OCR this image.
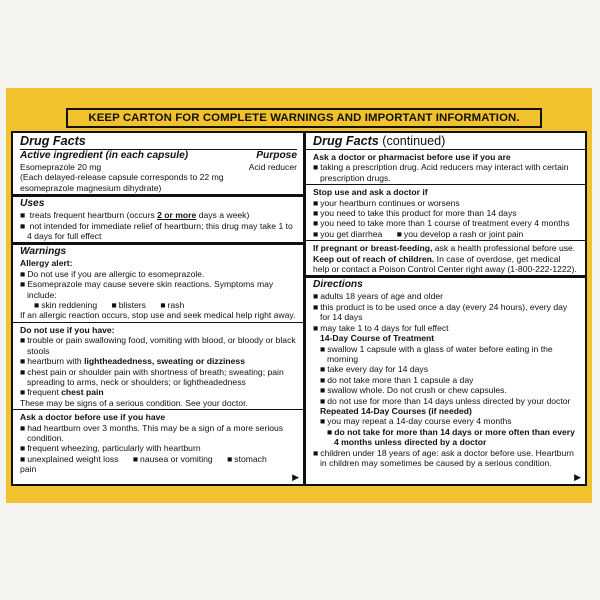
KEEP CARTON FOR COMPLETE WARNINGS AND IMPORTANT INFORMATION.
Drug Facts
Active ingredient (in each capsule)	Purpose
Esomeprazole 20 mg	Acid reducer
(Each delayed-release capsule corresponds to 22 mg esomeprazole magnesium dihydrate)
Uses
■ treats frequent heartburn (occurs 2 or more days a week)
■ not intended for immediate relief of heartburn; this drug may take 1 to 4 days for full effect
Warnings
Allergy alert:
■ Do not use if you are allergic to esomeprazole.
■ Esomeprazole may cause severe skin reactions. Symptoms may include:
■ skin reddening	■ blisters	■ rash
If an allergic reaction occurs, stop use and seek medical help right away.
Do not use if you have:
■ trouble or pain swallowing food, vomiting with blood, or bloody or black stools
■ heartburn with lightheadedness, sweating or dizziness
■ chest pain or shoulder pain with shortness of breath; sweating; pain spreading to arms, neck or shoulders; or lightheadedness
■ frequent chest pain
These may be signs of a serious condition. See your doctor.
Ask a doctor before use if you have
■ had heartburn over 3 months. This may be a sign of a more serious condition.
■ frequent wheezing, particularly with heartburn
■ unexplained weight loss	■ nausea or vomiting	■ stomach pain
▶
Drug Facts (continued)
Ask a doctor or pharmacist before use if you are
■ taking a prescription drug. Acid reducers may interact with certain prescription drugs.
Stop use and ask a doctor if
■ your heartburn continues or worsens
■ you need to take this product for more than 14 days
■ you need to take more than 1 course of treatment every 4 months
■ you get diarrhea	■ you develop a rash or joint pain
If pregnant or breast-feeding, ask a health professional before use.
Keep out of reach of children. In case of overdose, get medical help or contact a Poison Control Center right away (1-800-222-1222).
Directions
■ adults 18 years of age and older
■ this product is to be used once a day (every 24 hours), every day for 14 days
■ may take 1 to 4 days for full effect
14-Day Course of Treatment
■ swallow 1 capsule with a glass of water before eating in the morning
■ take every day for 14 days
■ do not take more than 1 capsule a day
■ swallow whole. Do not crush or chew capsules.
■ do not use for more than 14 days unless directed by your doctor
Repeated 14-Day Courses (if needed)
■ you may repeat a 14-day course every 4 months
■ do not take for more than 14 days or more often than every 4 months unless directed by a doctor
■ children under 18 years of age: ask a doctor before use. Heartburn in children may sometimes be caused by a serious condition.
▶
